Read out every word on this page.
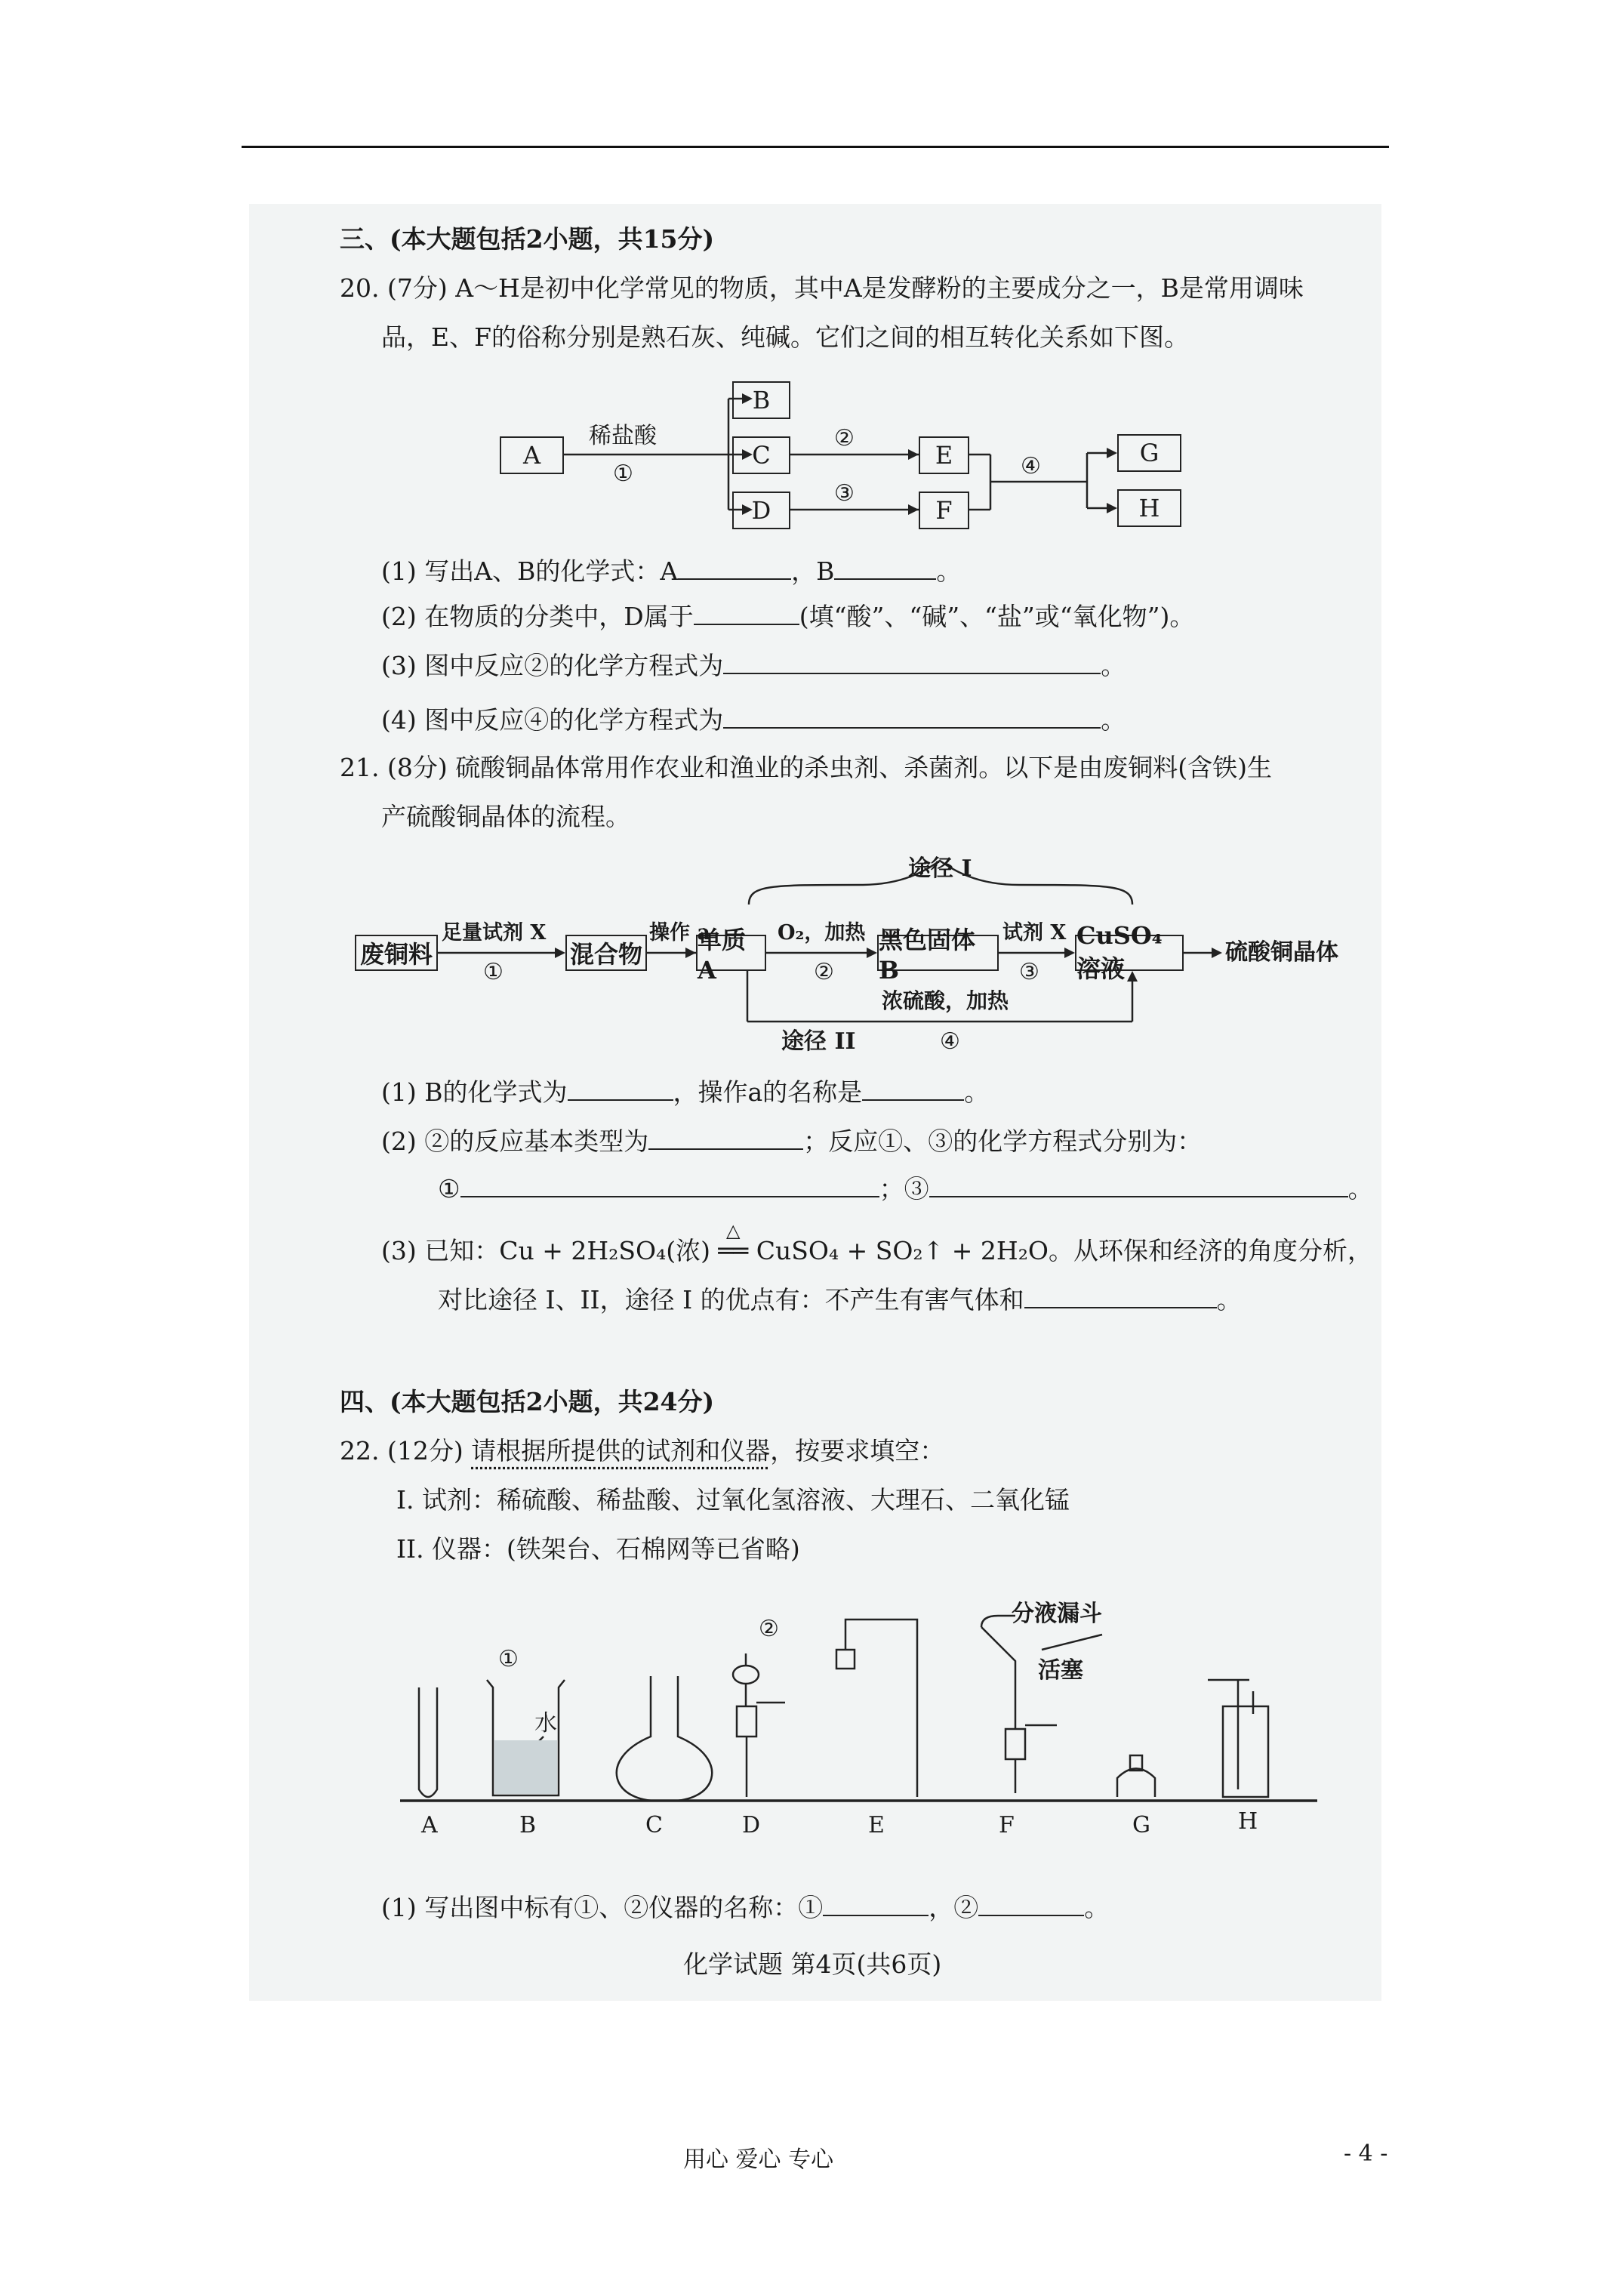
三、(本大题包括2小题，共15分)
20. (7分) A～H是初中化学常见的物质，其中A是发酵粉的主要成分之一，B是常用调味
品，E、F的俗称分别是熟石灰、纯碱。它们之间的相互转化关系如下图。
A
B
C
D
E
F
G
H
稀盐酸
①
②
③
④
(1) 写出A、B的化学式：A	，B	。
(2) 在物质的分类中，D属于	(填“酸”、“碱”、“盐”或“氧化物”)。
(3) 图中反应②的化学方程式为	。
(4) 图中反应④的化学方程式为	。
21. (8分) 硫酸铜晶体常用作农业和渔业的杀虫剂、杀菌剂。以下是由废铜料(含铁)生
产硫酸铜晶体的流程。
途径 I
废铜料	混合物 单质 A
黑色固体 B
CuSO₄溶液
硫酸铜晶体
足量试剂 X
①
操作 a	O₂，加热
②
试剂 X
③
浓硫酸，加热
途径 II	④
(1) B的化学式为	，操作a的名称是	。
(2) ②的反应基本类型为	；反应①、③的化学方程式分别为：
①	；③	。
△
(3) 已知：Cu + 2H₂SO₄(浓) ══ CuSO₄ + SO₂↑ + 2H₂O。从环保和经济的角度分析，
对比途径 I、II，途径 I 的优点有：不产生有害气体和	。
四、(本大题包括2小题，共24分)
22. (12分) 请根据所提供的试剂和仪器，按要求填空：
I. 试剂：稀硫酸、稀盐酸、过氧化氢溶液、大理石、二氧化锰
II. 仪器：(铁架台、石棉网等已省略)
①
②
水
分液漏斗
活塞
A	B	C	D	E	F	G	H
(1) 写出图中标有①、②仪器的名称：①	，②	。
化学试题 第4页(共6页)
用心 爱心 专心	- 4 -
